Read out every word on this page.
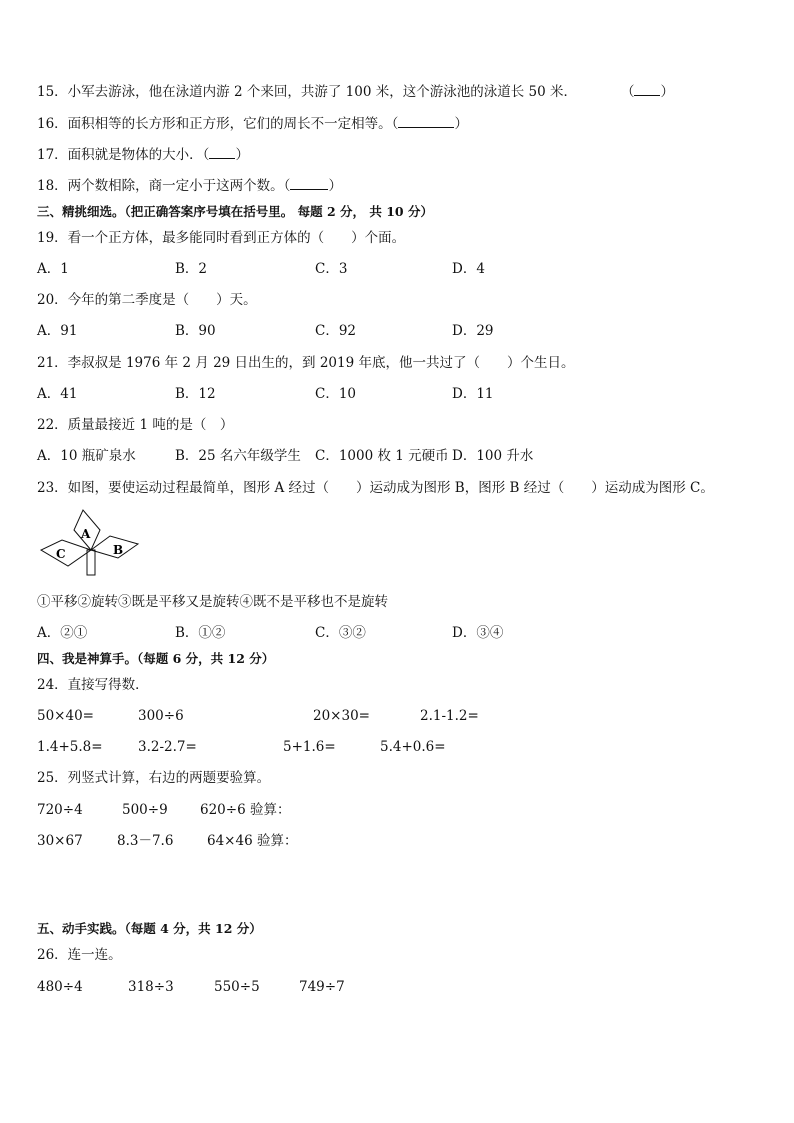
15．小军去游泳，他在泳道内游 2 个来回，共游了 100 米，这个游泳池的泳道长 50 米．	（ ）
16．面积相等的长方形和正方形，它们的周长不一定相等。（	）
17．面积就是物体的大小．（ ）
18．两个数相除，商一定小于这两个数。（	）
三、精挑细选。（把正确答案序号填在括号里。 每题 2 分， 共 10 分）
19．看一个正方体，最多能同时看到正方体的（　　）个面。
A．1	B．2	C．3	D．4
20．今年的第二季度是（　　）天。
A．91	B．90	C．92	D．29
21．李叔叔是 1976 年 2 月 29 日出生的，到 2019 年底，他一共过了（　　）个生日。
A．41	B．12	C．10	D．11
22．质量最接近 1 吨的是（　）
A．10 瓶矿泉水	B．25 名六年级学生 C．1000 枚 1 元硬币 D．100 升水
23．如图，要使运动过程最简单，图形 A 经过（　　）运动成为图形 B，图形 B 经过（　　）运动成为图形 C。
A
B
C
①平移②旋转③既是平移又是旋转④既不是平移也不是旋转
A．②①	B．①②	C．③②	D．③④
四、我是神算手。（每题 6 分，共 12 分）
24．直接写得数．
50×40=	300÷6	20×30=	2.1-1.2=
1.4+5.8=	3.2-2.7=	5+1.6=	5.4+0.6=
25．列竖式计算，右边的两题要验算。
720÷4	500÷9 620÷6 验算：
30×67	8.3－7.6 64×46 验算：
五、动手实践。（每题 4 分，共 12 分）
26．连一连。
480÷4	318÷3	550÷5	749÷7
